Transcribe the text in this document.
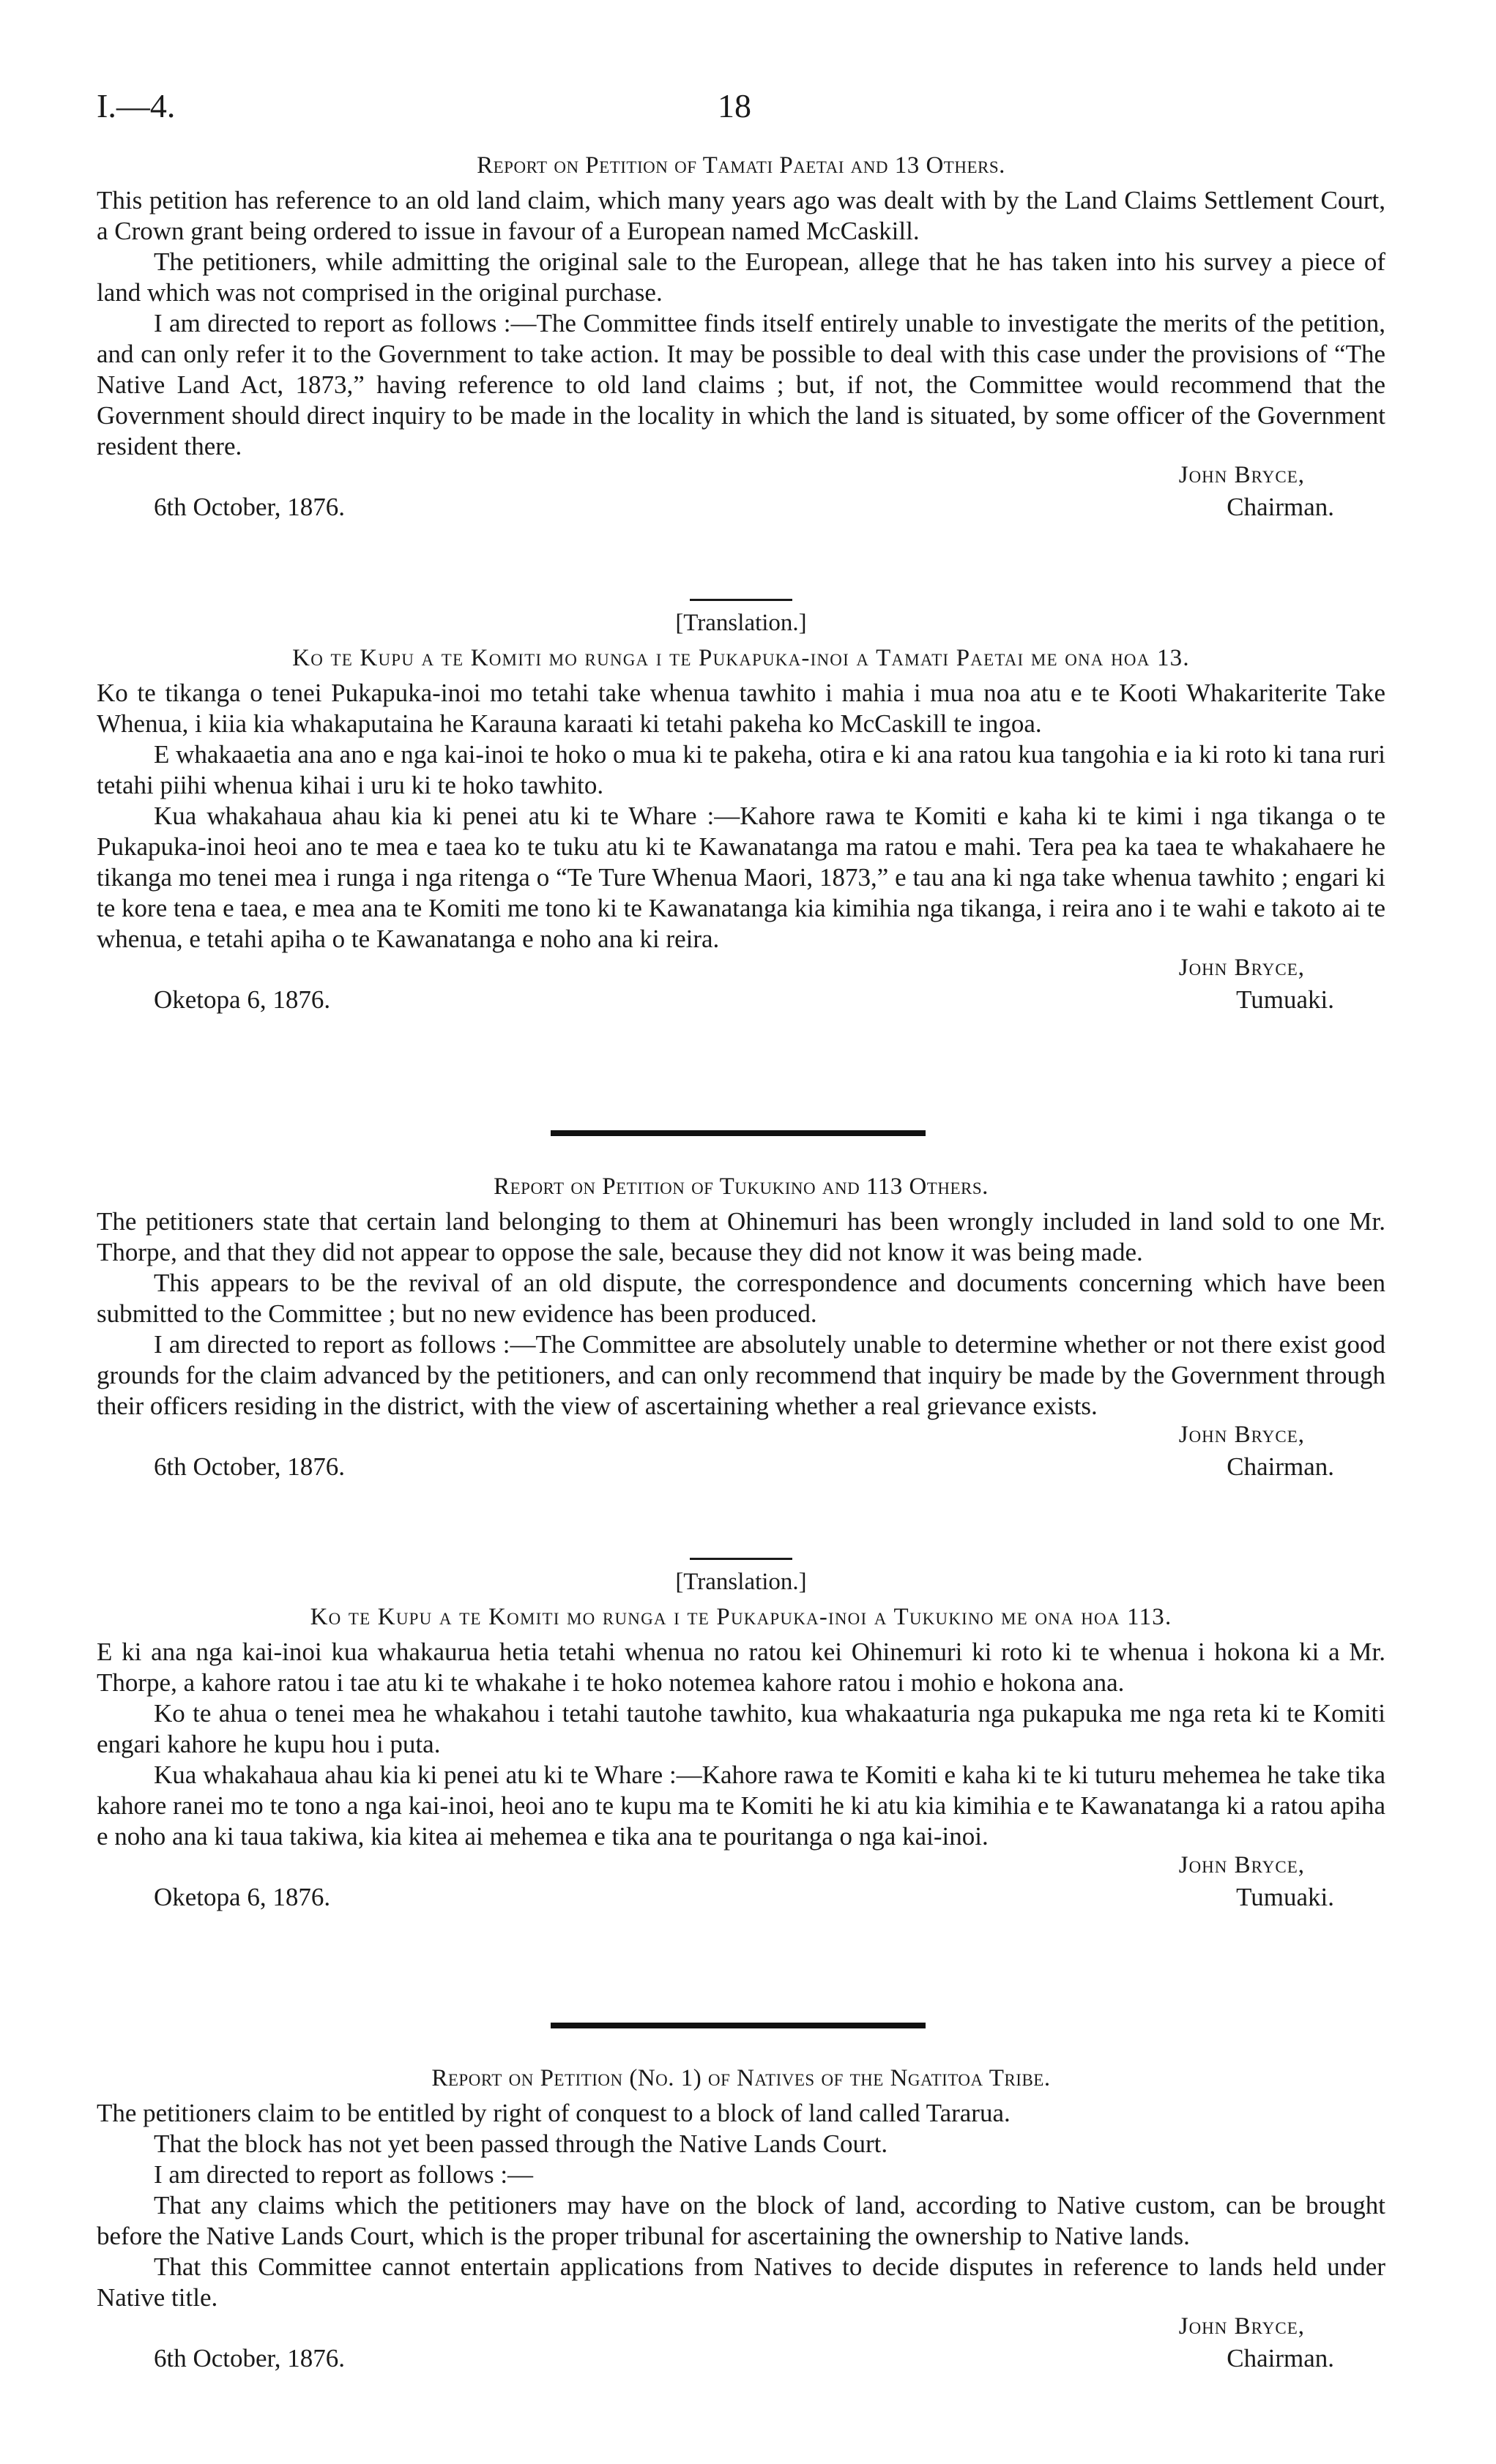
I.—4.	18
Report on Petition of Tamati Paetai and 13 Others.

This petition has reference to an old land claim, which many years ago was dealt with by the Land Claims Settlement Court, a Crown grant being ordered to issue in favour of a European named McCaskill.

The petitioners, while admitting the original sale to the European, allege that he has taken into his survey a piece of land which was not comprised in the original purchase.

I am directed to report as follows :—The Committee finds itself entirely unable to investigate the merits of the petition, and can only refer it to the Government to take action. It may be possible to deal with this case under the provisions of “The Native Land Act, 1873,” having reference to old land claims ; but, if not, the Committee would recommend that the Government should direct inquiry to be made in the locality in which the land is situated, by some officer of the Government resident there.

John Bryce,
6th October, 1876.	Chairman.
[Translation.]
Ko te Kupu a te Komiti mo runga i te Pukapuka-inoi a Tamati Paetai me ona hoa 13.

Ko te tikanga o tenei Pukapuka-inoi mo tetahi take whenua tawhito i mahia i mua noa atu e te Kooti Whakariterite Take Whenua, i kiia kia whakaputaina he Karauna karaati ki tetahi pakeha ko McCaskill te ingoa.

E whakaaetia ana ano e nga kai-inoi te hoko o mua ki te pakeha, otira e ki ana ratou kua tangohia e ia ki roto ki tana ruri tetahi piihi whenua kihai i uru ki te hoko tawhito.

Kua whakahaua ahau kia ki penei atu ki te Whare :—Kahore rawa te Komiti e kaha ki te kimi i nga tikanga o te Pukapuka-inoi heoi ano te mea e taea ko te tuku atu ki te Kawanatanga ma ratou e mahi. Tera pea ka taea te whakahaere he tikanga mo tenei mea i runga i nga ritenga o “Te Ture Whenua Maori, 1873,” e tau ana ki nga take whenua tawhito ; engari ki te kore tena e taea, e mea ana te Komiti me tono ki te Kawanatanga kia kimihia nga tikanga, i reira ano i te wahi e takoto ai te whenua, e tetahi apiha o te Kawanatanga e noho ana ki reira.

John Bryce,
Oketopa 6, 1876.	Tumuaki.
Report on Petition of Tukukino and 113 Others.

The petitioners state that certain land belonging to them at Ohinemuri has been wrongly included in land sold to one Mr. Thorpe, and that they did not appear to oppose the sale, because they did not know it was being made.

This appears to be the revival of an old dispute, the correspondence and documents concerning which have been submitted to the Committee ; but no new evidence has been produced.

I am directed to report as follows :—The Committee are absolutely unable to determine whether or not there exist good grounds for the claim advanced by the petitioners, and can only recommend that inquiry be made by the Government through their officers residing in the district, with the view of ascertaining whether a real grievance exists.

John Bryce,
6th October, 1876.	Chairman.
[Translation.]
Ko te Kupu a te Komiti mo runga i te Pukapuka-inoi a Tukukino me ona hoa 113.

E ki ana nga kai-inoi kua whakaurua hetia tetahi whenua no ratou kei Ohinemuri ki roto ki te whenua i hokona ki a Mr. Thorpe, a kahore ratou i tae atu ki te whakahe i te hoko notemea kahore ratou i mohio e hokona ana.

Ko te ahua o tenei mea he whakahou i tetahi tautohe tawhito, kua whakaaturia nga pukapuka me nga reta ki te Komiti engari kahore he kupu hou i puta.

Kua whakahaua ahau kia ki penei atu ki te Whare :—Kahore rawa te Komiti e kaha ki te ki tuturu mehemea he take tika kahore ranei mo te tono a nga kai-inoi, heoi ano te kupu ma te Komiti he ki atu kia kimihia e te Kawanatanga ki a ratou apiha e noho ana ki taua takiwa, kia kitea ai mehemea e tika ana te pouritanga o nga kai-inoi.

John Bryce,
Oketopa 6, 1876.	Tumuaki.
Report on Petition (No. 1) of Natives of the Ngatitoa Tribe.

The petitioners claim to be entitled by right of conquest to a block of land called Tararua.

That the block has not yet been passed through the Native Lands Court.

I am directed to report as follows :—

That any claims which the petitioners may have on the block of land, according to Native custom, can be brought before the Native Lands Court, which is the proper tribunal for ascertaining the ownership to Native lands.

That this Committee cannot entertain applications from Natives to decide disputes in reference to lands held under Native title.

John Bryce,
6th October, 1876.	Chairman.
